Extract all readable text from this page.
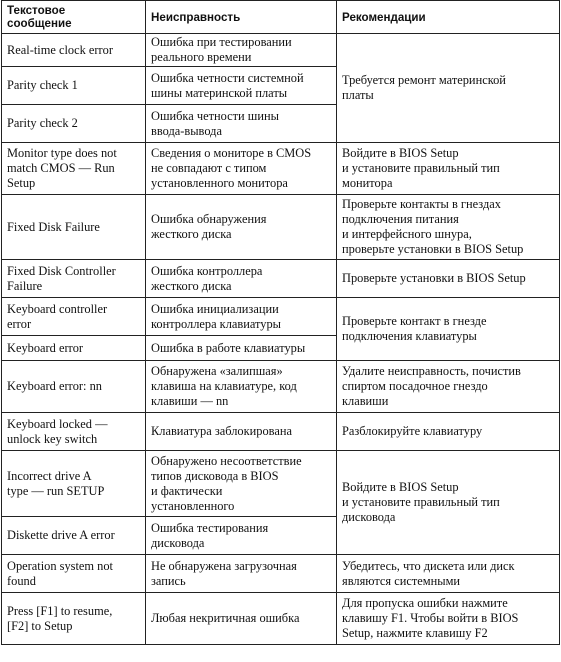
Текстовое
сообщение	Неисправность	Рекомендации
Real-time clock error	Ошибка при тестировании
реального времени	Требуется ремонт материнской
платы
Parity check 1	Ошибка четности системной
шины материнской платы	
Parity check 2	Ошибка четности шины
ввода-вывода	
Monitor type does not
match CMOS — Run
Setup	Сведения о мониторе в CMOS
не совпадают с типом
установленного монитора	Войдите в BIOS Setup
и установите правильный тип
монитора
Fixed Disk Failure	Ошибка обнаружения
жесткого диска	Проверьте контакты в гнездах
подключения питания
и интерфейсного шнура,
проверьте установки в BIOS Setup
Fixed Disk Controller
Failure	Ошибка контроллера
жесткого диска	Проверьте установки в BIOS Setup
Keyboard controller
error	Ошибка инициализации
контроллера клавиатуры	Проверьте контакт в гнезде
подключения клавиатуры
Keyboard error	Ошибка в работе клавиатуры	
Keyboard error: nn	Обнаружена «залипшая»
клавиша на клавиатуре, код
клавиши — nn	Удалите неисправность, почистив
спиртом посадочное гнездо
клавиши
Keyboard locked —
unlock key switch	Клавиатура заблокирована	Разблокируйте клавиатуру
Incorrect drive A
type — run SETUP	Обнаружено несоответствие
типов дисковода в BIOS
и фактически
установленного	Войдите в BIOS Setup
и установите правильный тип
дисковода
Diskette drive A error	Ошибка тестирования
дисковода	
Operation system not
found	Не обнаружена загрузочная
запись	Убедитесь, что дискета или диск
являются системными
Press [F1] to resume,
[F2] to Setup	Любая некритичная ошибка	Для пропуска ошибки нажмите
клавишу F1. Чтобы войти в BIOS
Setup, нажмите клавишу F2
